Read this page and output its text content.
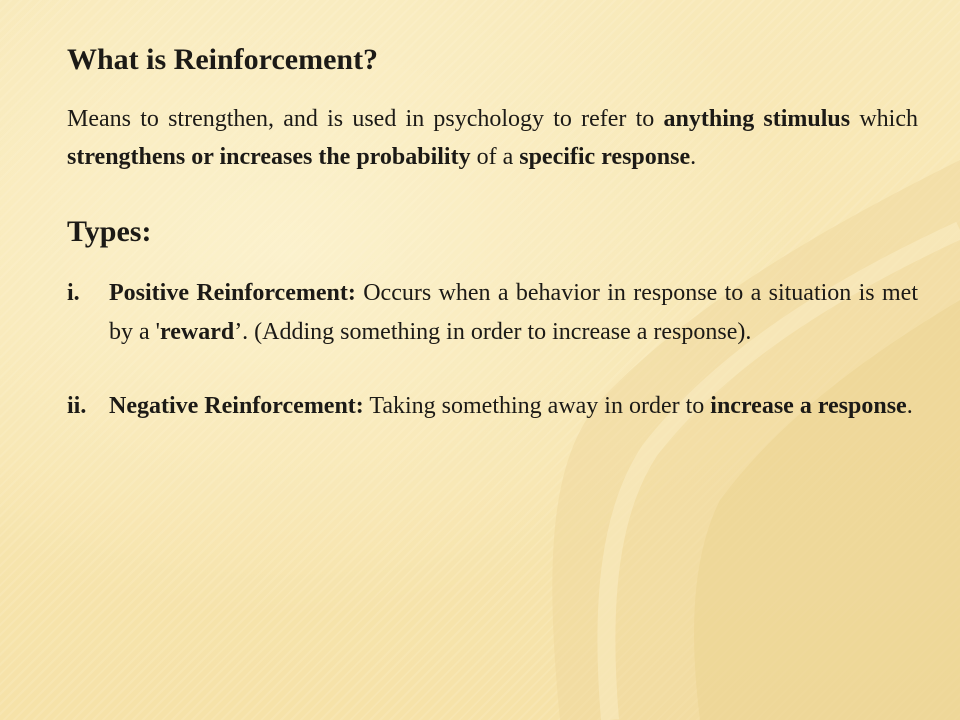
What is Reinforcement?

Means to strengthen, and is used in psychology to refer to anything stimulus which strengthens or increases the probability of a specific response.

Types:
i. Positive Reinforcement: Occurs when a behavior in response to a situation is met by a 'reward’. (Adding something in order to increase a response).
ii. Negative Reinforcement: Taking something away in order to increase a response.
